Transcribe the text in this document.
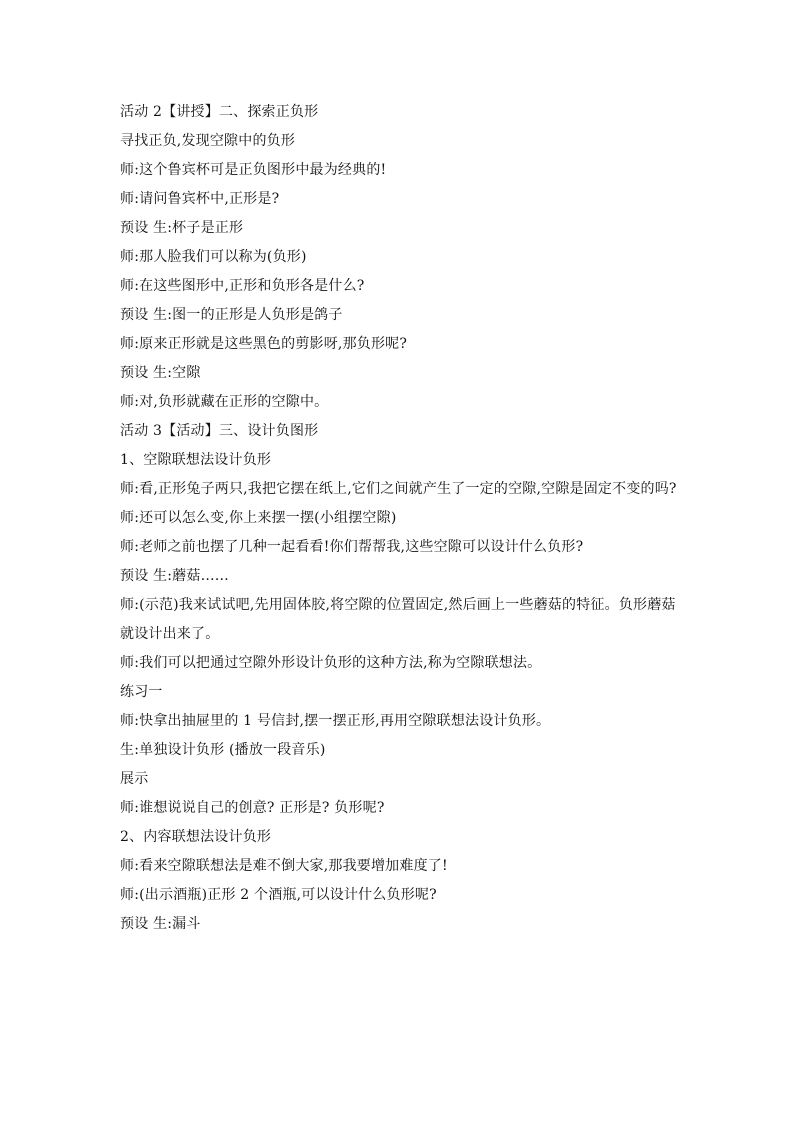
活动 2【讲授】二、探索正负形
寻找正负,发现空隙中的负形
师:这个鲁宾杯可是正负图形中最为经典的!
师:请问鲁宾杯中,正形是?
预设 生:杯子是正形
师:那人脸我们可以称为(负形)
师:在这些图形中,正形和负形各是什么?
预设 生:图一的正形是人负形是鸽子
师:原来正形就是这些黑色的剪影呀,那负形呢?
预设 生:空隙
师:对,负形就藏在正形的空隙中。
活动 3【活动】三、设计负图形
1、空隙联想法设计负形
师:看,正形兔子两只,我把它摆在纸上,它们之间就产生了一定的空隙,空隙是固定不变的吗?
师:还可以怎么变,你上来摆一摆(小组摆空隙)
师:老师之前也摆了几种一起看看!你们帮帮我,这些空隙可以设计什么负形?
预设 生:蘑菇……
师:(示范)我来试试吧,先用固体胶,将空隙的位置固定,然后画上一些蘑菇的特征。负形蘑菇就设计出来了。
师:我们可以把通过空隙外形设计负形的这种方法,称为空隙联想法。
练习一
师:快拿出抽屉里的 1 号信封,摆一摆正形,再用空隙联想法设计负形。
生:单独设计负形 (播放一段音乐)
展示
师:谁想说说自己的创意? 正形是? 负形呢?
2、内容联想法设计负形
师:看来空隙联想法是难不倒大家,那我要增加难度了!
师:(出示酒瓶)正形 2 个酒瓶,可以设计什么负形呢?
预设 生:漏斗
